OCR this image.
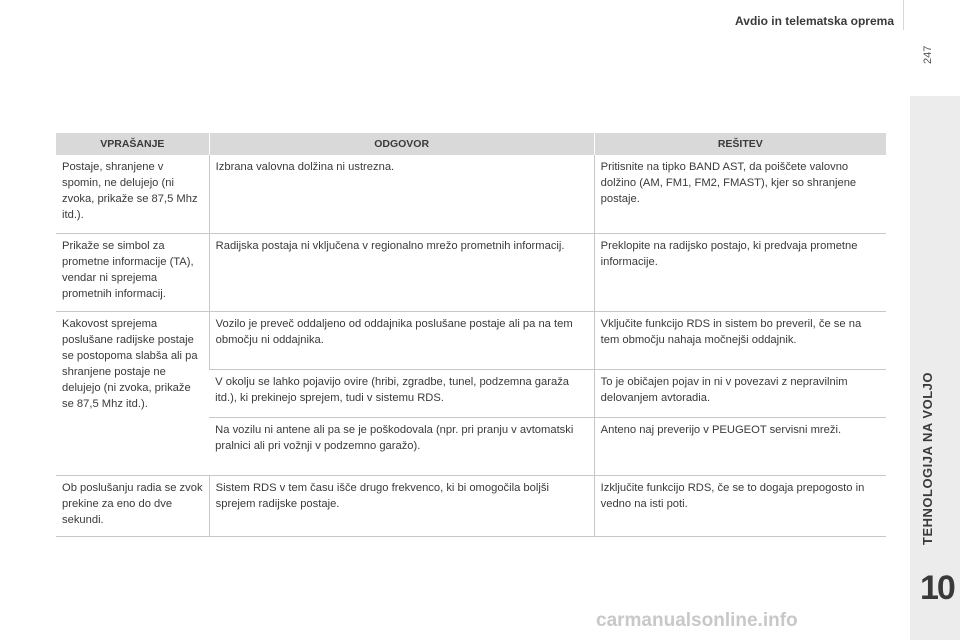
Avdio in telematska oprema
247
TEHNOLOGIJA NA VOLJO
10
VPRAŠANJE	ODGOVOR	REŠITEV
Postaje, shranjene v spomin, ne delujejo (ni zvoka, prikaže se 87,5 Mhz itd.).	Izbrana valovna dolžina ni ustrezna.	Pritisnite na tipko BAND AST, da poiščete valovno dolžino (AM, FM1, FM2, FMAST), kjer so shranjene postaje.
Prikaže se simbol za prometne informacije (TA), vendar ni sprejema prometnih informacij.	Radijska postaja ni vključena v regionalno mrežo prometnih informacij.	Preklopite na radijsko postajo, ki predvaja prometne informacije.
Kakovost sprejema poslušane radijske postaje se postopoma slabša ali pa shranjene postaje ne delujejo (ni zvoka, prikaže se 87,5 Mhz itd.).	Vozilo je preveč oddaljeno od oddajnika poslušane postaje ali pa na tem območju ni oddajnika.	Vključite funkcijo RDS in sistem bo preveril, če se na tem območju nahaja močnejši oddajnik.
	V okolju se lahko pojavijo ovire (hribi, zgradbe, tunel, podzemna garaža itd.), ki prekinejo sprejem, tudi v sistemu RDS.	To je običajen pojav in ni v povezavi z nepravilnim delovanjem avtoradia.
	Na vozilu ni antene ali pa se je poškodovala (npr. pri pranju v avtomatski pralnici ali pri vožnji v podzemno garažo).	Anteno naj preverijo v PEUGEOT servisni mreži.
Ob poslušanju radia se zvok prekine za eno do dve sekundi.	Sistem RDS v tem času išče drugo frekvenco, ki bi omogočila boljši sprejem radijske postaje.	Izključite funkcijo RDS, če se to dogaja prepogosto in vedno na isti poti.
carmanualsonline.info
